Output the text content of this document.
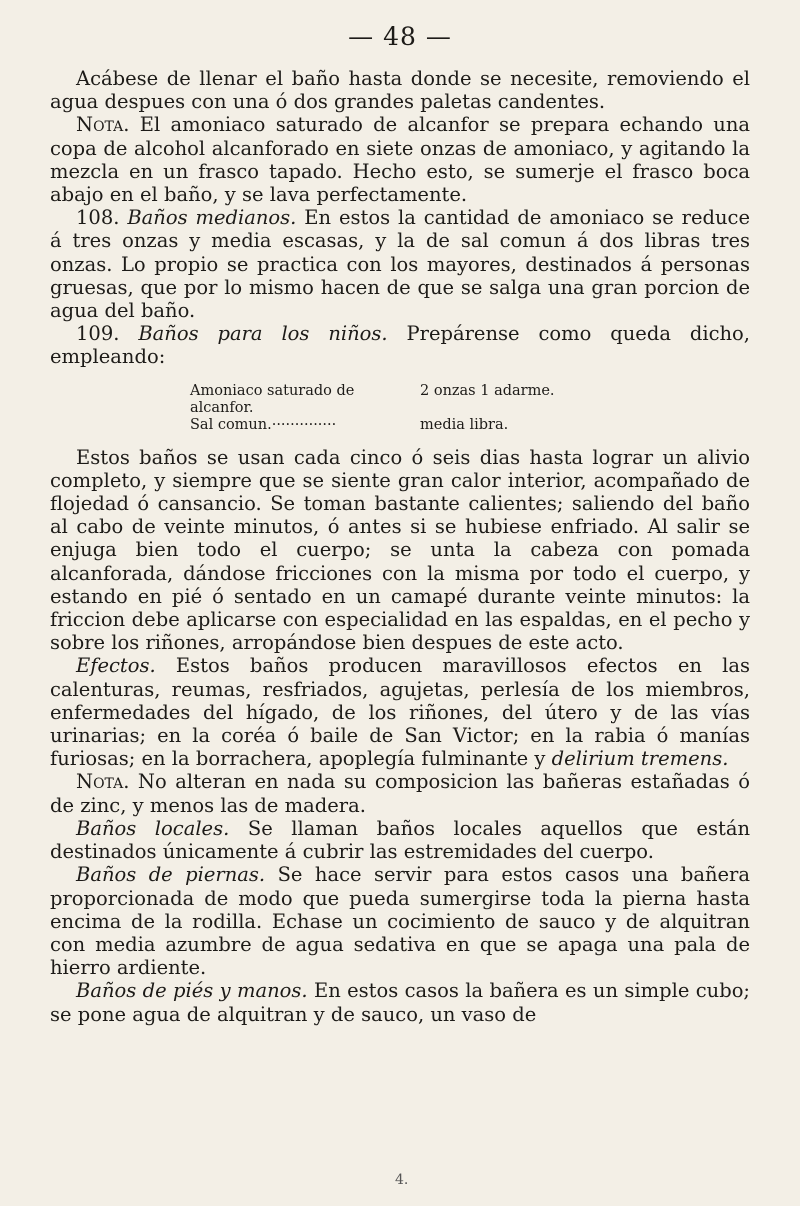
— 48 —

Acábese de llenar el baño hasta donde se necesite, removiendo el agua despues con una ó dos grandes paletas candentes.

Nota. El amoniaco saturado de alcanfor se prepara echando una copa de alcohol alcanforado en siete onzas de amoniaco, y agitando la mezcla en un frasco tapado. Hecho esto, se sumerje el frasco boca abajo en el baño, y se lava perfectamente.

108. Baños medianos. En estos la cantidad de amoniaco se reduce á tres onzas y media escasas, y la de sal comun á dos libras tres onzas. Lo propio se practica con los mayores, destinados á personas gruesas, que por lo mismo hacen de que se salga una gran porcion de agua del baño.

109. Baños para los niños. Prepárense como queda dicho, empleando:

Amoniaco saturado de alcanfor.
2 onzas 1 adarme.
Sal comun.··············	media libra.

Estos baños se usan cada cinco ó seis dias hasta lograr un alivio completo, y siempre que se siente gran calor interior, acompañado de flojedad ó cansancio. Se toman bastante calientes; saliendo del baño al cabo de veinte minutos, ó antes si se hubiese enfriado. Al salir se enjuga bien todo el cuerpo; se unta la cabeza con pomada alcanforada, dándose fricciones con la misma por todo el cuerpo, y estando en pié ó sentado en un camapé durante veinte minutos: la friccion debe aplicarse con especialidad en las espaldas, en el pecho y sobre los riñones, arropándose bien despues de este acto.

Efectos. Estos baños producen maravillosos efectos en las calenturas, reumas, resfriados, agujetas, perlesía de los miembros, enfermedades del hígado, de los riñones, del útero y de las vías urinarias; en la coréa ó baile de San Victor; en la rabia ó manías furiosas; en la borrachera, apoplegía fulminante y delirium tremens.

Nota. No alteran en nada su composicion las bañeras estañadas ó de zinc, y menos las de madera.

Baños locales. Se llaman baños locales aquellos que están destinados únicamente á cubrir las estremidades del cuerpo.

Baños de piernas. Se hace servir para estos casos una bañera proporcionada de modo que pueda sumergirse toda la pierna hasta encima de la rodilla. Echase un cocimiento de sauco y de alquitran con media azumbre de agua sedativa en que se apaga una pala de hierro ardiente.

Baños de piés y manos. En estos casos la bañera es un simple cubo; se pone agua de alquitran y de sauco, un vaso de

4.
